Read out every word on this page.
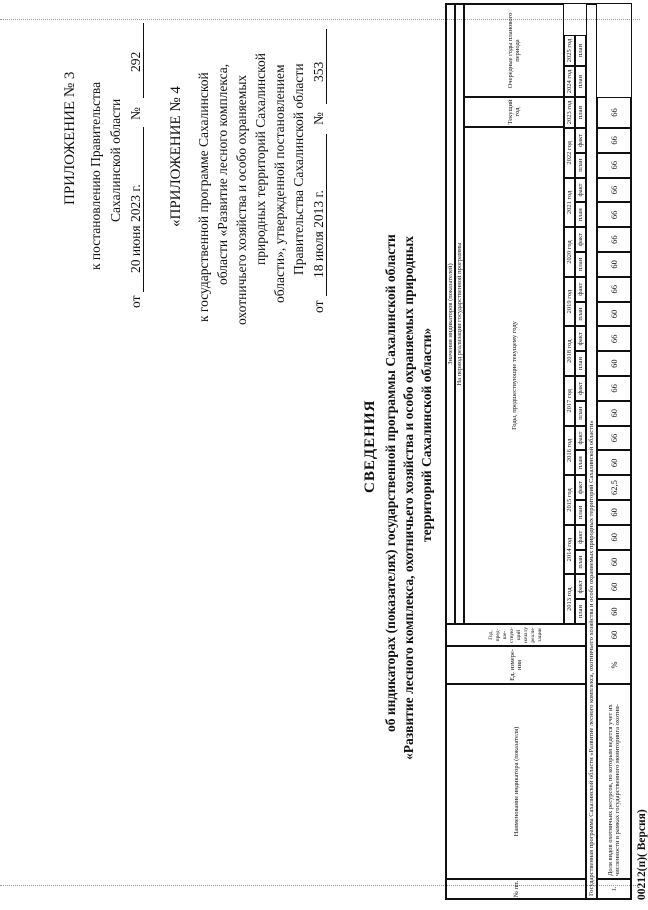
ПРИЛОЖЕНИЕ № 3 к постановлению Правительства Сахалинской области
от
20 июня 2023 г.
№
292
«ПРИЛОЖЕНИЕ № 4 к государственной программе Сахалинской области «Развитие лесного комплекса, охотничьего хозяйства и особо охраняемых природных территорий Сахалинской области», утвержденной постановлением Правительства Сахалинской области
от
18 июля 2013 г.
№
353
СВЕДЕНИЯ об индикаторах (показателях) государственной программы Сахалинской области «Развитие лесного комплекса, охотничьего хозяйства и особо охраняемых природных территорий Сахалинской области»
№ пп.
Наименование индикатора (показателя)
Ед. измере-ния
Год, пред-ше-ствую-щий началу реали-зации
Значения индикаторов (показателей) На период реализации государственной программы	Годы, предшествующие текущему году
Текущий год
Очередные годы планового периода
2013 год
2014 год
2015 год
2016 год
2017 год
2018 год
2019 год
2020 год
2021 год
2022 год
2023 год
2024 год
2025 год
план
факт
план
факт
план
факт
план
факт
план
факт
план
факт
план
факт
план
факт
план
факт
план
факт
план
план
план
Государственная программа Сахалинской области «Развитие лесного комплекса, охотничьего хозяйства и особо охраняемых природных территорий Сахалинской области»	1.
Доля видов охотничьих ресурсов, по которым ведется учет их численности в рамках государственного мониторинга охотни-
%
60
60
60
60
60
60
62,5
60
66
60
66
60
66
60
66
60
66
66
66
66
66
66
00212(п)( Версия)
